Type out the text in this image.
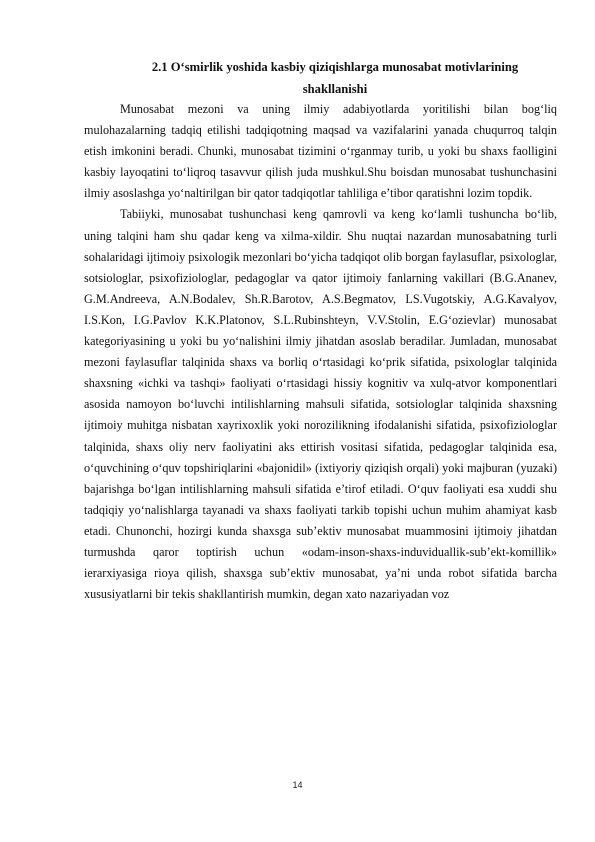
2.1 O‘smirlik yoshida kasbiy qiziqishlarga munosabat motivlarining
shakllanishi

Munosabat mezoni va uning ilmiy adabiyotlarda yoritilishi bilan bog‘liq mulohazalarning tadqiq etilishi tadqiqotning maqsad va vazifalarini yanada chuqurroq talqin etish imkonini beradi. Chunki, munosabat tizimini o‘rganmay turib, u yoki bu shaxs faolligini kasbiy layoqatini to‘liqroq tasavvur qilish juda mushkul.Shu boisdan munosabat tushunchasini ilmiy asoslashga yo‘naltirilgan bir qator tadqiqotlar tahliliga e’tibor qaratishni lozim topdik.

Tabiiyki, munosabat tushunchasi keng qamrovli va keng ko‘lamli tushuncha bo‘lib, uning talqini ham shu qadar keng va xilma-xildir. Shu nuqtai nazardan munosabatning turli sohalaridagi ijtimoiy psixologik mezonlari bo‘yicha tadqiqot olib borgan faylasuflar, psixologlar, sotsiologlar, psixofiziologlar, pedagoglar va qator ijtimoiy fanlarning vakillari (B.G.Ananev, G.M.Andreeva, A.N.Bodalev, Sh.R.Barotov, A.S.Begmatov, LS.Vugotskiy, A.G.Kavalyov, I.S.Kon, I.G.Pavlov K.K.Platonov, S.L.Rubinshteyn, V.V.Stolin, E.G‘ozievlar) munosabat kategoriyasining u yoki bu yo‘nalishini ilmiy jihatdan asoslab beradilar. Jumladan, munosabat mezoni faylasuflar talqinida shaxs va borliq o‘rtasidagi ko‘prik sifatida, psixologlar talqinida shaxsning «ichki va tashqi» faoliyati o‘rtasidagi hissiy kognitiv va xulq-atvor komponentlari asosida namoyon bo‘luvchi intilishlarning mahsuli sifatida, sotsiologlar talqinida shaxsning ijtimoiy muhitga nisbatan xayrixoxlik yoki norozilikning ifodalanishi sifatida, psixofiziologlar talqinida, shaxs oliy nerv faoliyatini aks ettirish vositasi sifatida, pedagoglar talqinida esa, o‘quvchining o‘quv topshiriqlarini «bajonidil» (ixtiyoriy qiziqish orqali) yoki majburan (yuzaki) bajarishga bo‘lgan intilishlarning mahsuli sifatida e’tirof etiladi. O‘quv faoliyati esa xuddi shu tadqiqiy yo‘nalishlarga tayanadi va shaxs faoliyati tarkib topishi uchun muhim ahamiyat kasb etadi. Chunonchi, hozirgi kunda shaxsga sub’ektiv munosabat muammosini ijtimoiy jihatdan turmushda qaror toptirish uchun «odam-inson-shaxs-induviduallik-sub’ekt-komillik» ierarxiyasiga rioya qilish, shaxsga sub’ektiv munosabat, ya’ni unda robot sifatida barcha xususiyatlarni bir tekis shakllantirish mumkin, degan xato nazariyadan voz

14
